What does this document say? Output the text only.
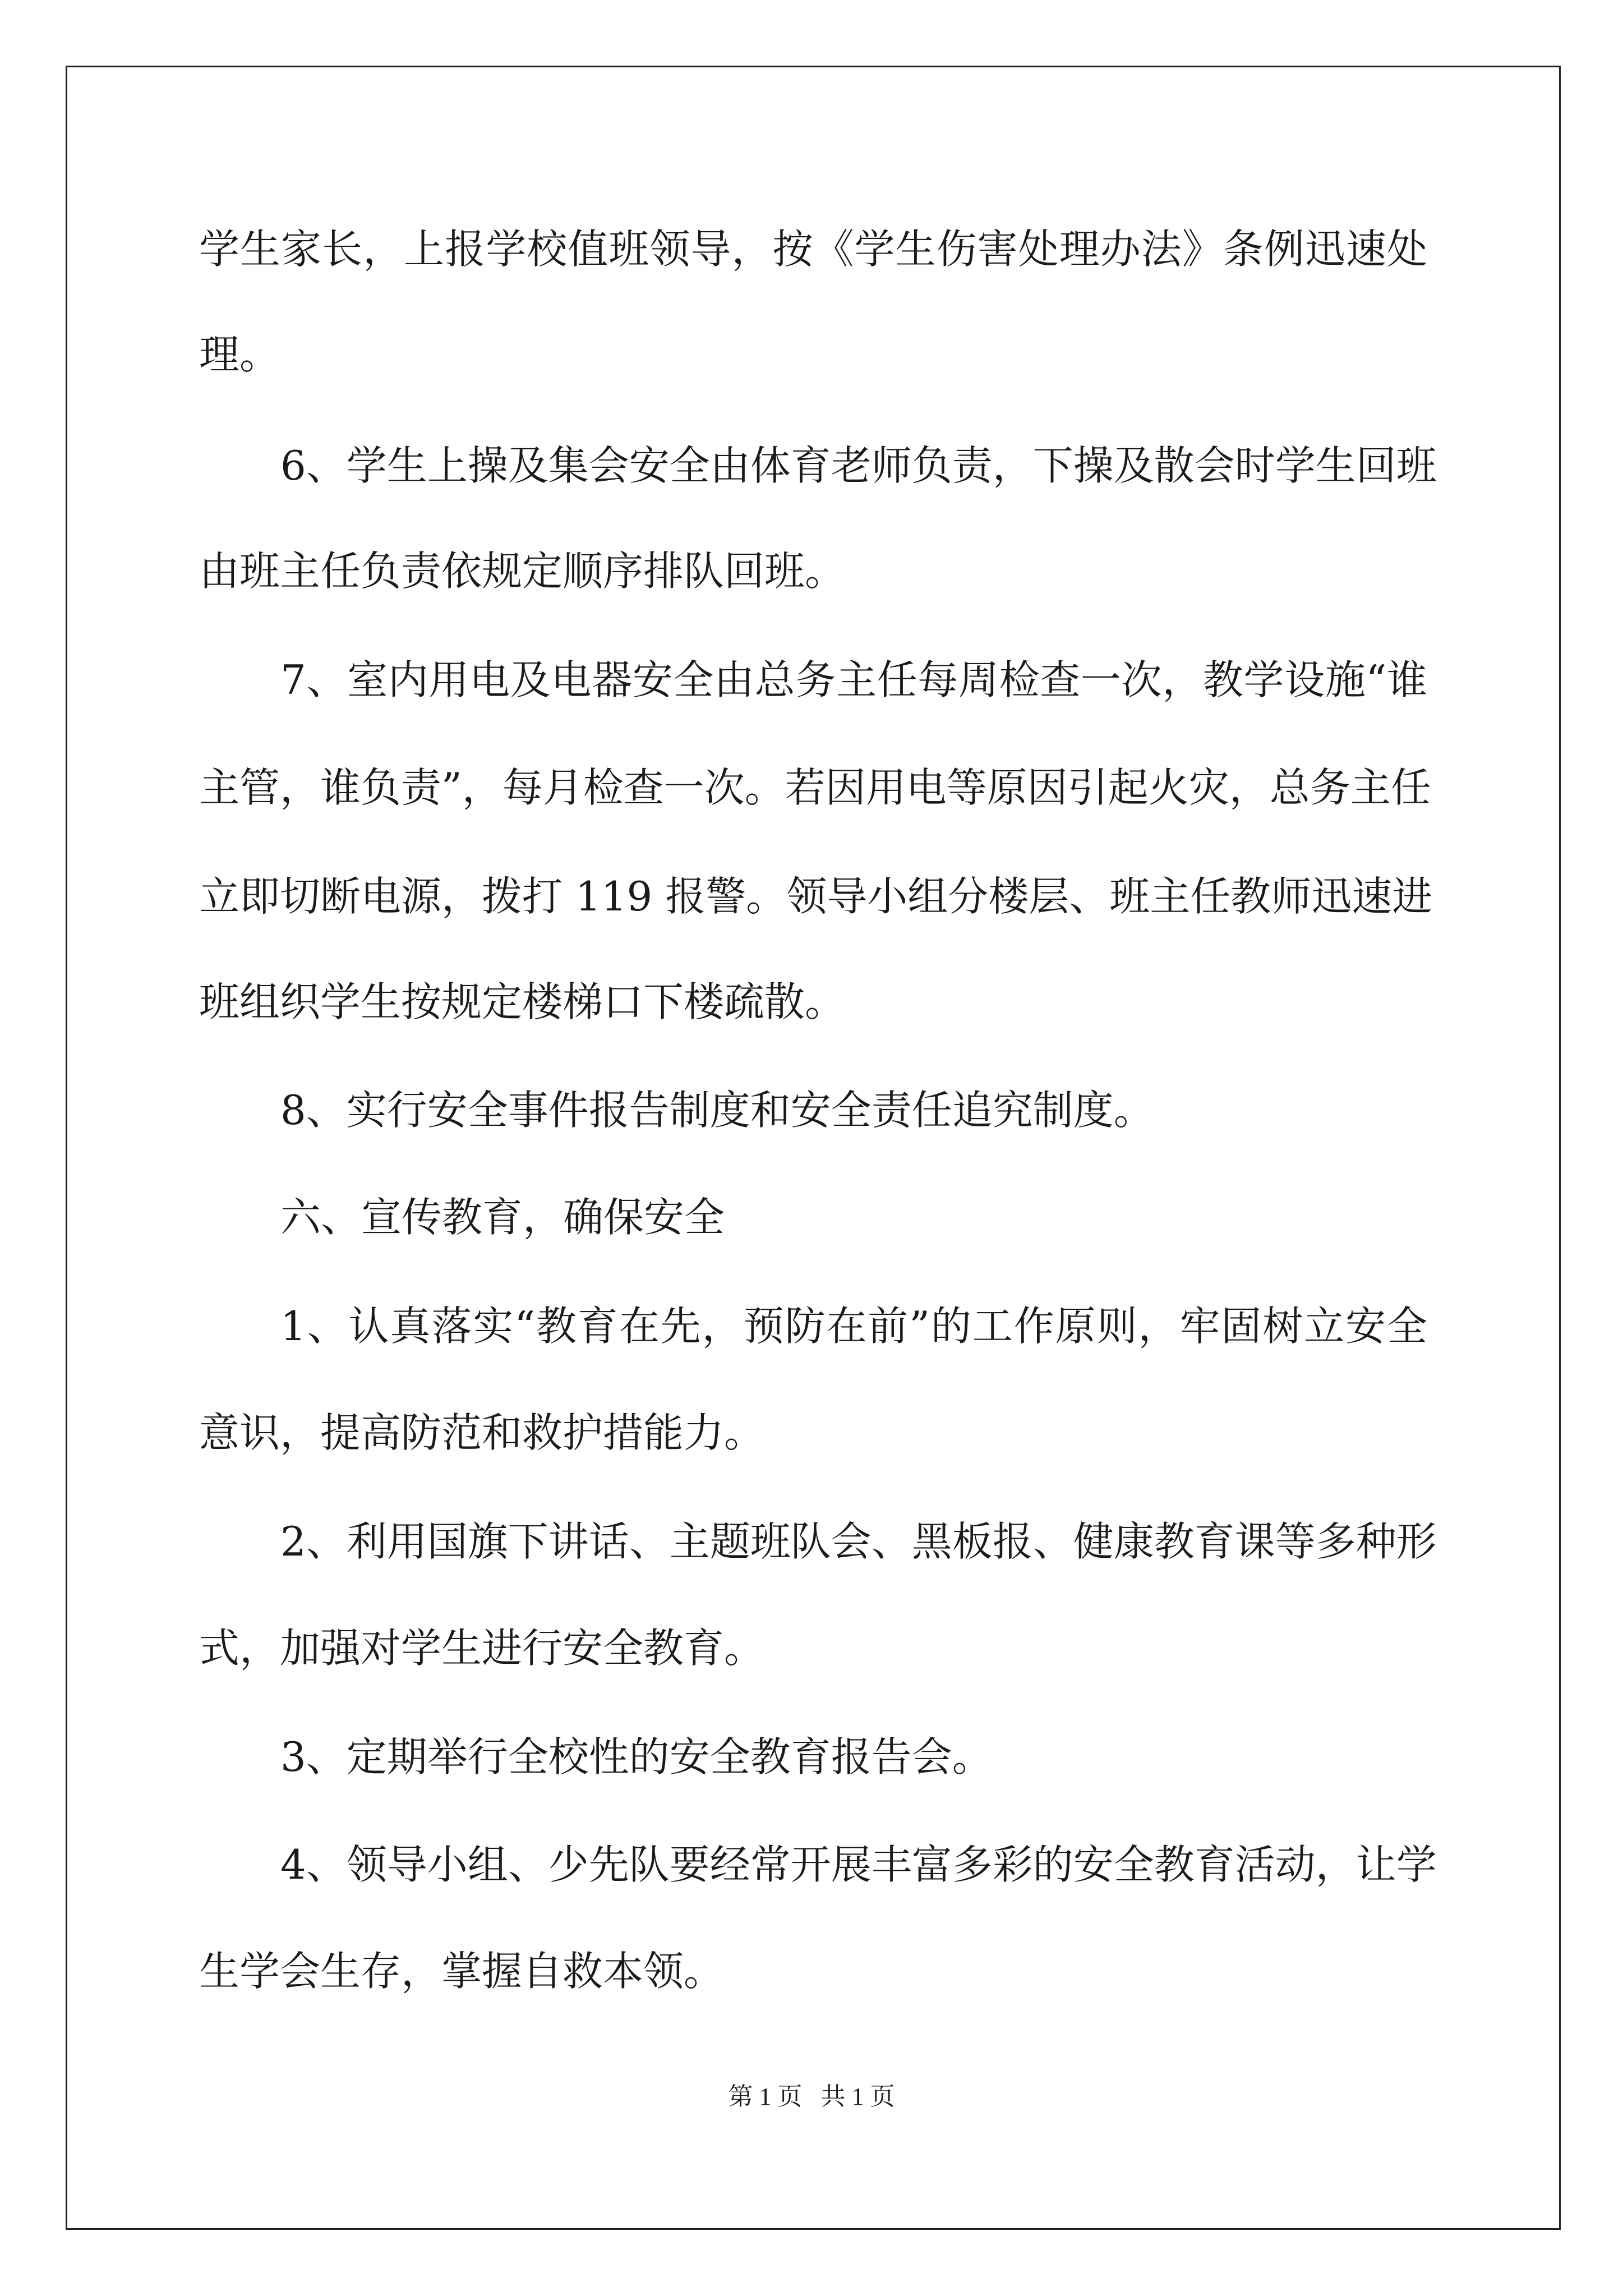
学生家长，上报学校值班领导，按《学生伤害处理办法》条例迅速处

理。

6、学生上操及集会安全由体育老师负责，下操及散会时学生回班

由班主任负责依规定顺序排队回班。

7、室内用电及电器安全由总务主任每周检查一次，教学设施“谁

主管，谁负责”，每月检查一次。若因用电等原因引起火灾，总务主任

立即切断电源，拨打 119 报警。领导小组分楼层、班主任教师迅速进

班组织学生按规定楼梯口下楼疏散。

8、实行安全事件报告制度和安全责任追究制度。

六、宣传教育，确保安全

1、认真落实“教育在先，预防在前”的工作原则，牢固树立安全

意识，提高防范和救护措能力。

2、利用国旗下讲话、主题班队会、黑板报、健康教育课等多种形

式，加强对学生进行安全教育。

3、定期举行全校性的安全教育报告会。

4、领导小组、少先队要经常开展丰富多彩的安全教育活动，让学

生学会生存，掌握自救本领。

第 1 页   共 1 页
